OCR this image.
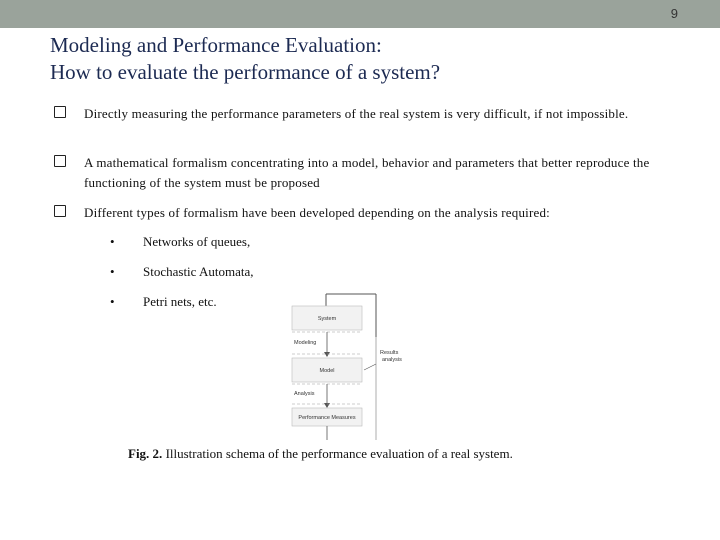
9
Modeling and Performance Evaluation:
How to evaluate the performance of a system?
Directly measuring the performance parameters of the real system is very difficult, if not impossible.
A mathematical formalism concentrating into a model, behavior and parameters that better reproduce the functioning of the system must be proposed
Different types of formalism have been developed depending on the analysis required:
• Networks of queues,
• Stochastic Automata,
• Petri nets, etc.
System
Modeling
Model
Results
analysis
Analysis
Performance Measures
Fig. 2. Illustration schema of the performance evaluation of a real system.
